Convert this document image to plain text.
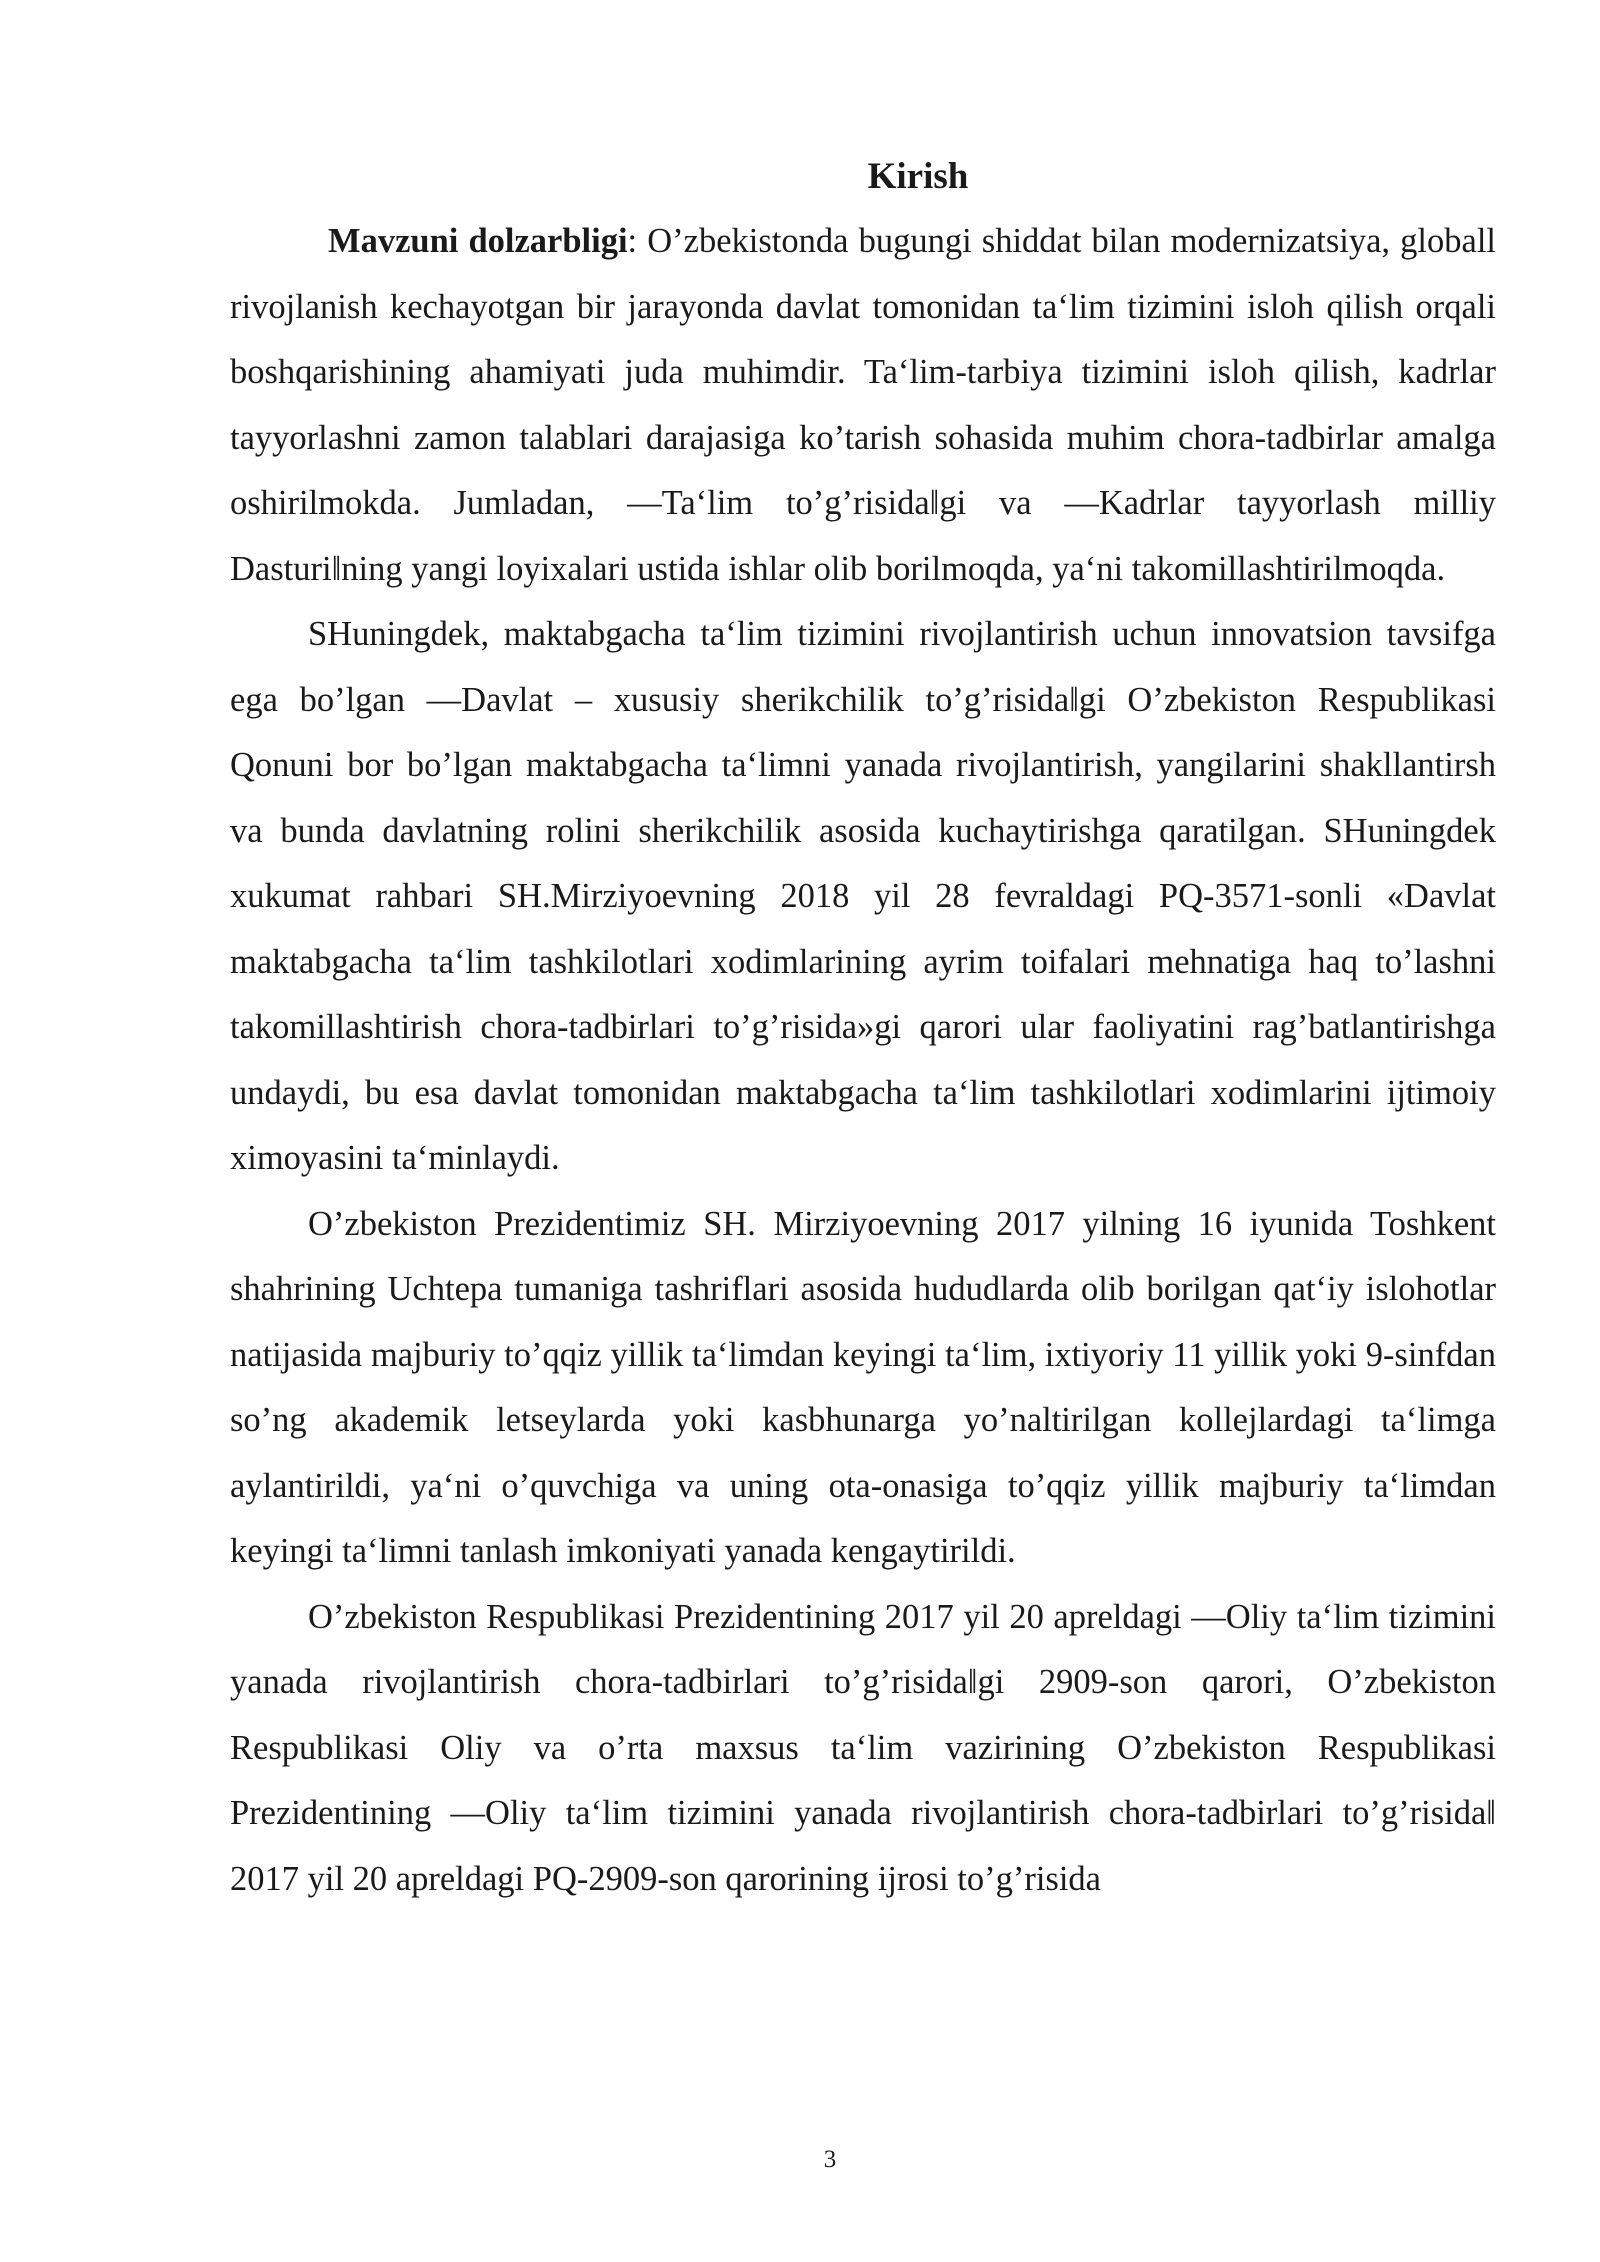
Kirish

Mavzuni dolzarbligi: O’zbekistonda bugungi shiddat bilan modernizatsiya, globall rivojlanish kechayotgan bir jarayonda davlat tomonidan ta‘lim tizimini isloh qilish orqali boshqarishining ahamiyati juda muhimdir. Ta‘lim-tarbiya tizimini isloh qilish, kadrlar tayyorlashni zamon talablari darajasiga ko’tarish sohasida muhim chora-tadbirlar amalga oshirilmokda. Jumladan, ―Ta‘lim to’g’risida‖gi va ―Kadrlar tayyorlash milliy Dasturi‖ning yangi loyixalari ustida ishlar olib borilmoqda, ya‘ni takomillashtirilmoqda.

SHuningdek, maktabgacha ta‘lim tizimini rivojlantirish uchun innovatsion tavsifga ega bo’lgan ―Davlat – xususiy sherikchilik to’g’risida‖gi O’zbekiston Respublikasi Qonuni bor bo’lgan maktabgacha ta‘limni yanada rivojlantirish, yangilarini shakllantirsh va bunda davlatning rolini sherikchilik asosida kuchaytirishga qaratilgan. SHuningdek xukumat rahbari SH.Mirziyoevning 2018 yil 28 fevraldagi PQ-3571-sonli «Davlat maktabgacha ta‘lim tashkilotlari xodimlarining ayrim toifalari mehnatiga haq to’lashni takomillashtirish chora-tadbirlari to’g’risida»gi qarori ular faoliyatini rag’batlantirishga undaydi, bu esa davlat tomonidan maktabgacha ta‘lim tashkilotlari xodimlarini ijtimoiy ximoyasini ta‘minlaydi.

O’zbekiston Prezidentimiz SH. Mirziyoevning 2017 yilning 16 iyunida Toshkent shahrining Uchtepa tumaniga tashriflari asosida hududlarda olib borilgan qat‘iy islohotlar natijasida majburiy to’qqiz yillik ta‘limdan keyingi ta‘lim, ixtiyoriy 11 yillik yoki 9-sinfdan so’ng akademik letseylarda yoki kasbhunarga yo’naltirilgan kollejlardagi ta‘limga aylantirildi, ya‘ni o’quvchiga va uning ota-onasiga to’qqiz yillik majburiy ta‘limdan keyingi ta‘limni tanlash imkoniyati yanada kengaytirildi.

O’zbekiston Respublikasi Prezidentining 2017 yil 20 apreldagi ―Oliy ta‘lim tizimini yanada rivojlantirish chora-tadbirlari to’g’risida‖gi 2909-son qarori, O’zbekiston Respublikasi Oliy va o’rta maxsus ta‘lim vazirining O’zbekiston Respublikasi Prezidentining ―Oliy ta‘lim tizimini yanada rivojlantirish chora-tadbirlari to’g’risida‖ 2017 yil 20 apreldagi PQ-2909-son qarorining ijrosi to’g’risida

3
